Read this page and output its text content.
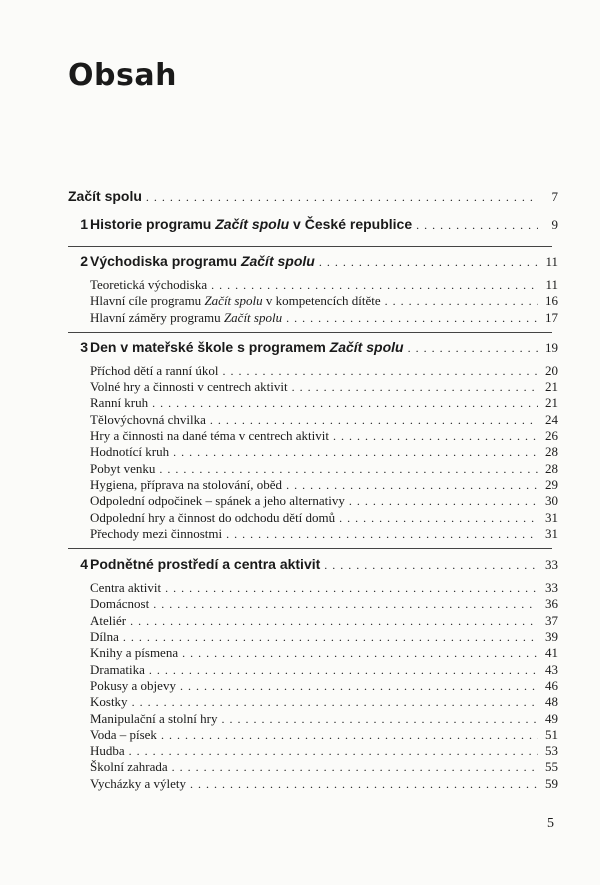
Obsah
Začít spolu . . .	7
1 Historie programu Začít spolu v České republice . . .	9
2 Východiska programu Začít spolu . . .	11
Teoretická východiska . . .	11
Hlavní cíle programu Začít spolu v kompetencích dítěte . . .	16
Hlavní záměry programu Začít spolu . . .	17
3 Den v mateřské škole s programem Začít spolu . . .	19
Příchod dětí a ranní úkol . . .	20
Volné hry a činnosti v centrech aktivit . . .	21
Ranní kruh . . .	21
Tělovýchovná chvilka . . .	24
Hry a činnosti na dané téma v centrech aktivit . . .	26
Hodnotící kruh . . .	28
Pobyt venku . . .	28
Hygiena, příprava na stolování, oběd . . .	29
Odpolední odpočinek – spánek a jeho alternativy . . .	30
Odpolední hry a činnost do odchodu dětí domů . . .	31
Přechody mezi činnostmi . . .	31
4 Podnětné prostředí a centra aktivit . . .	33
Centra aktivit . . .	33
Domácnost . . .	36
Ateliér . . .	37
Dílna . . .	39
Knihy a písmena . . .	41
Dramatika . . .	43
Pokusy a objevy . . .	46
Kostky . . .	48
Manipulační a stolní hry . . .	49
Voda – písek . . .	51
Hudba . . .	53
Školní zahrada . . .	55
Vycházky a výlety . . .	59
5
